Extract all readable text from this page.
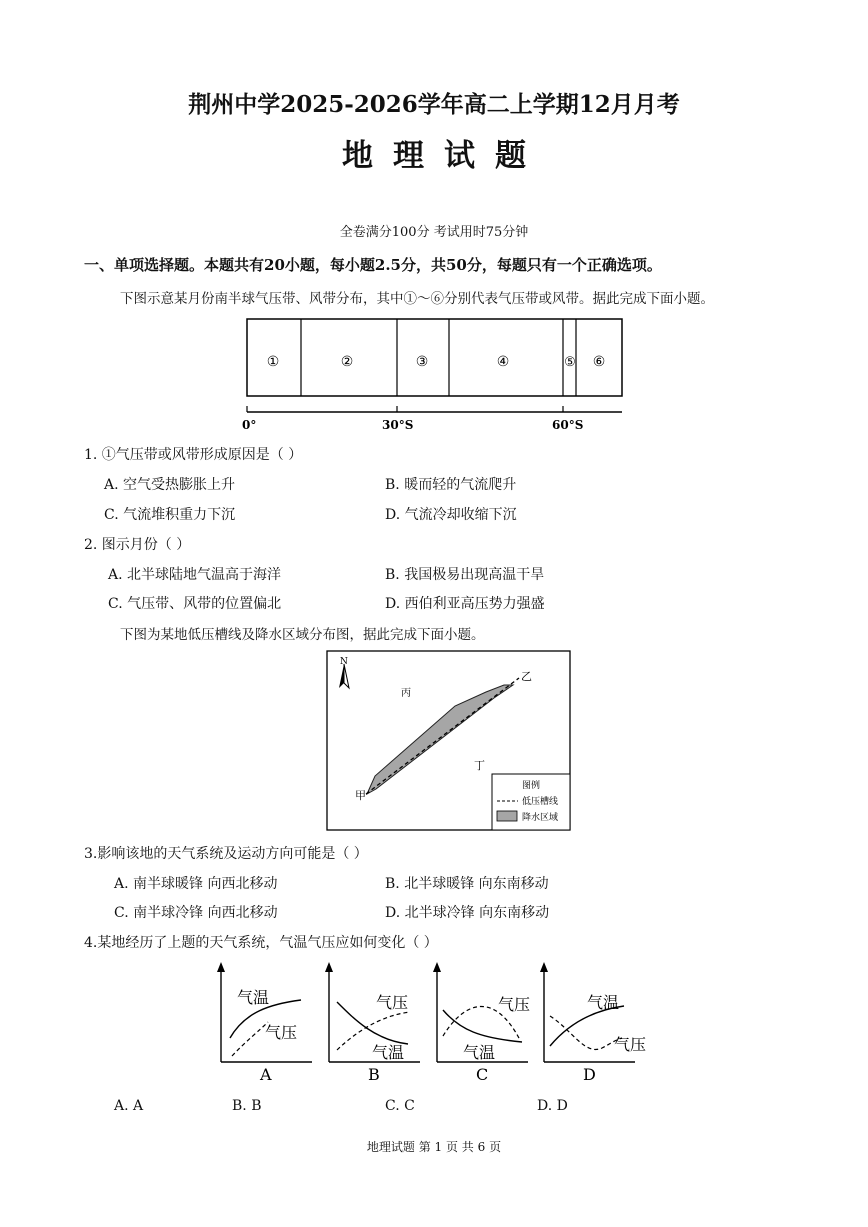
荆州中学2025-2026学年高二上学期12月月考
地理试题
全卷满分100分 考试用时75分钟
一、单项选择题。本题共有20小题，每小题2.5分，共50分，每题只有一个正确选项。
下图示意某月份南半球气压带、风带分布，其中①～⑥分别代表气压带或风带。据此完成下面小题。
①	②	③	④	⑤ ⑥
0°	30°S	60°S
1. ①气压带或风带形成原因是（ ）
A. 空气受热膨胀上升	B. 暖而轻的气流爬升
C. 气流堆积重力下沉	D. 气流冷却收缩下沉
2. 图示月份（ ）
A. 北半球陆地气温高于海洋	B. 我国极易出现高温干旱
C. 气压带、风带的位置偏北	D. 西伯利亚高压势力强盛
下图为某地低压槽线及降水区域分布图，据此完成下面小题。
N
甲
乙
丙
丁
图例
低压槽线
降水区域
3.影响该地的天气系统及运动方向可能是（ ）
A. 南半球暖锋 向西北移动	B. 北半球暖锋 向东南移动
C. 南半球冷锋 向西北移动	D. 北半球冷锋 向东南移动
4.某地经历了上题的天气系统，气温气压应如何变化（ ）
气温
气压
A
气压
气温
B
气压
气温
C
气温
气压
D
A. A	B. B	C. C	D. D
地理试题 第 1 页 共 6 页
